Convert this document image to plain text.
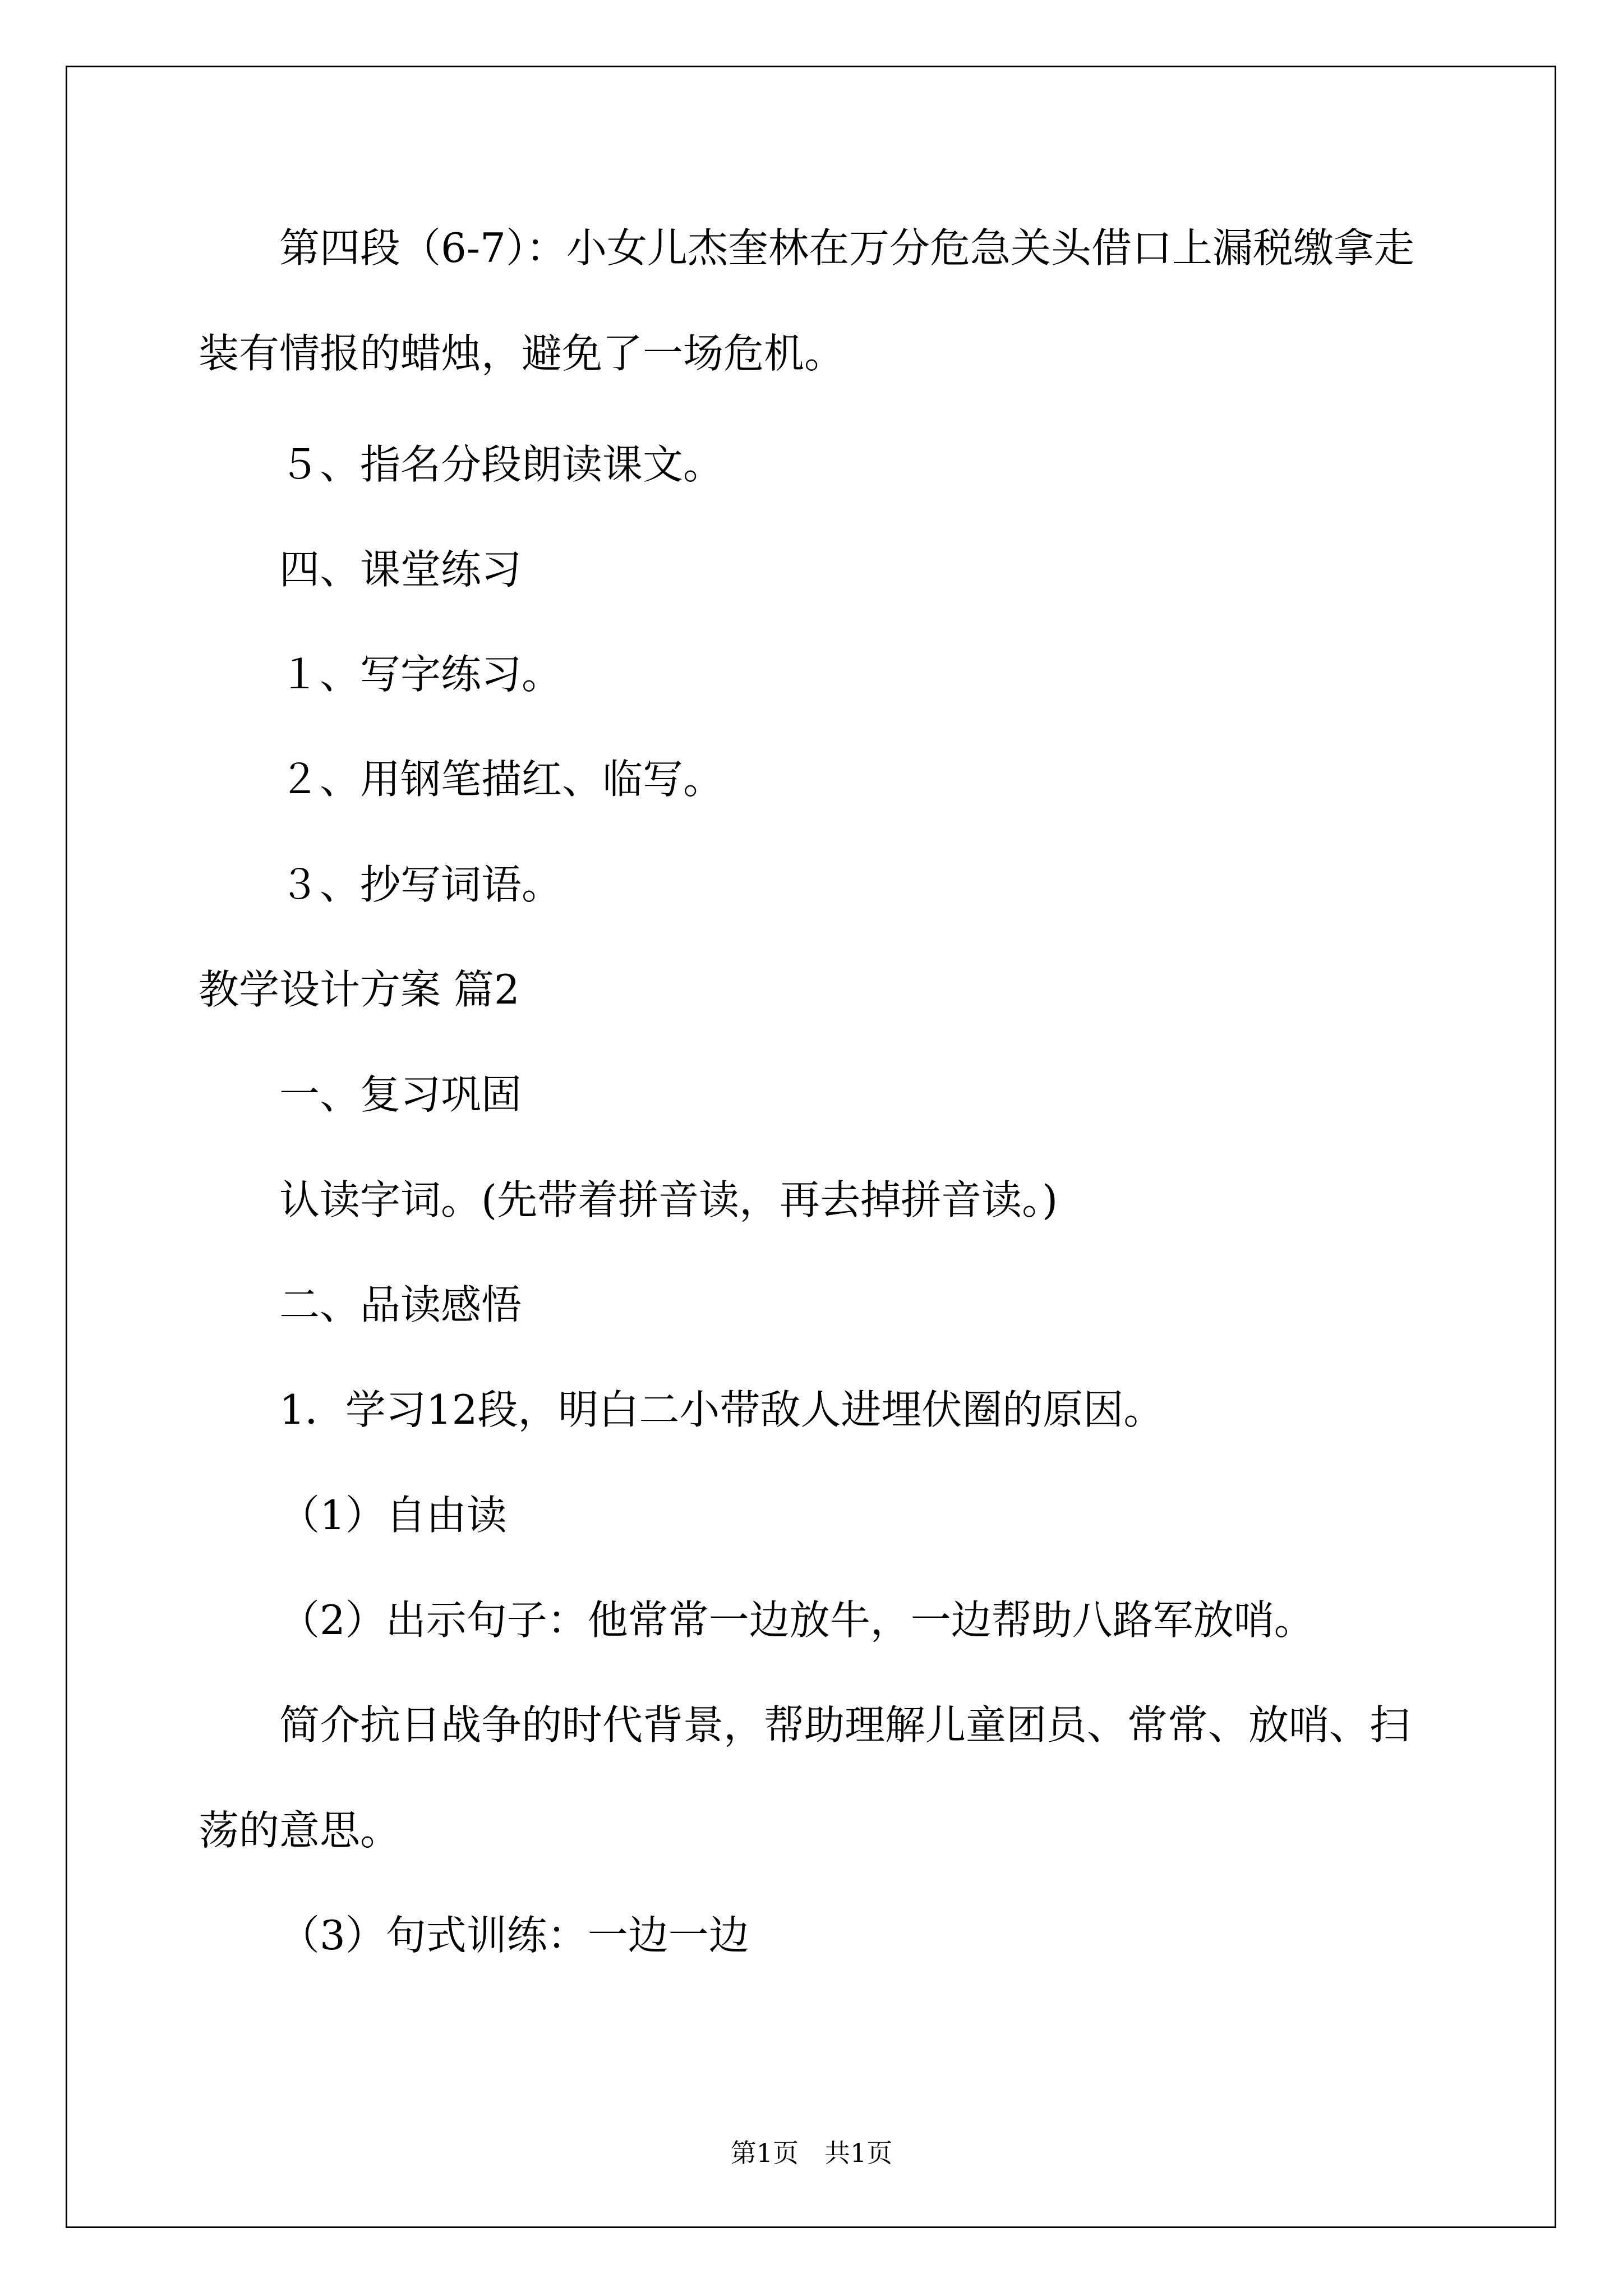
第四段（6-7）：小女儿杰奎林在万分危急关头借口上漏税缴拿走
装有情报的蜡烛，避免了一场危机。
５、指名分段朗读课文。
四、课堂练习
１、写字练习。
２、用钢笔描红、临写。
３、抄写词语。
教学设计方案 篇2
一、复习巩固
认读字词。(先带着拼音读，再去掉拼音读。)
二、品读感悟
1．学习12段，明白二小带敌人进埋伏圈的原因。
（1）自由读
（2）出示句子：他常常一边放牛，一边帮助八路军放哨。
简介抗日战争的时代背景，帮助理解儿童团员、常常、放哨、扫
荡的意思。
（3）句式训练：一边一边
第1页　共1页
